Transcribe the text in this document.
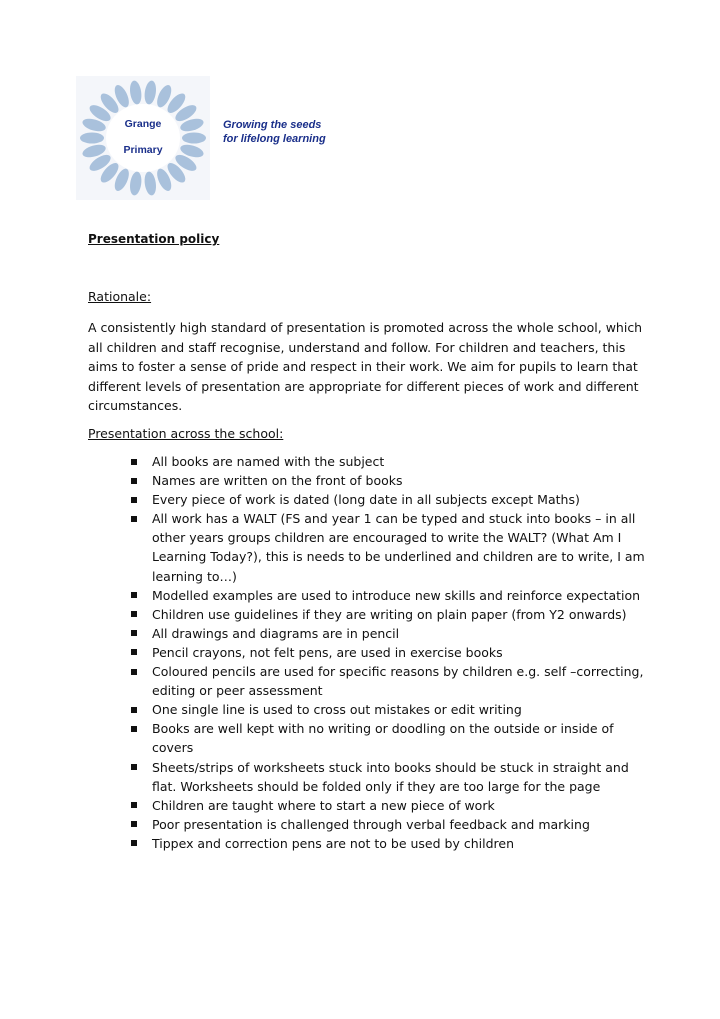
Grange
Primary
Growing the seeds
for lifelong learning
Presentation policy
Rationale:

A consistently high standard of presentation is promoted across the whole school, which all children and staff recognise, understand and follow. For children and teachers, this aims to foster a sense of pride and respect in their work. We aim for pupils to learn that different levels of presentation are appropriate for different pieces of work and different circumstances.

Presentation across the school:
All books are named with the subject
Names are written on the front of books
Every piece of work is dated (long date in all subjects except Maths)
All work has a WALT (FS and year 1 can be typed and stuck into books – in all other years groups children are encouraged to write the WALT? (What Am I Learning Today?), this is needs to be underlined and children are to write, I am learning to…)
Modelled examples are used to introduce new skills and reinforce expectation
Children use guidelines if they are writing on plain paper (from Y2 onwards)
All drawings and diagrams are in pencil
Pencil crayons, not felt pens, are used in exercise books
Coloured pencils are used for specific reasons by children e.g. self –correcting, editing or peer assessment
One single line is used to cross out mistakes or edit writing
Books are well kept with no writing or doodling on the outside or inside of covers
Sheets/strips of worksheets stuck into books should be stuck in straight and flat. Worksheets should be folded only if they are too large for the page
Children are taught where to start a new piece of work
Poor presentation is challenged through verbal feedback and marking
Tippex and correction pens are not to be used by children
